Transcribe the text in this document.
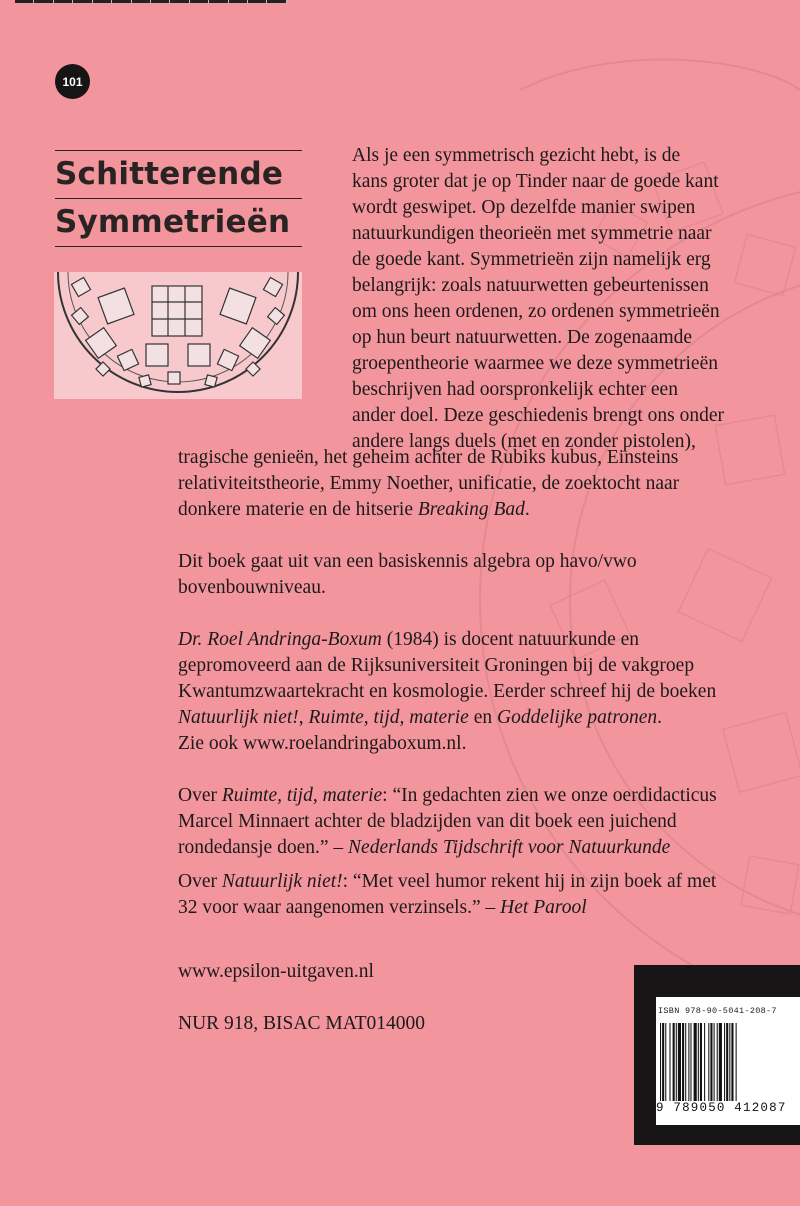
101
Schitterende
Symmetrieën
Als je een symmetrisch gezicht hebt, is de
kans groter dat je op Tinder naar de goede kant
wordt geswipet. Op dezelfde manier swipen
natuurkundigen theorieën met symmetrie naar
de goede kant. Symmetrieën zijn namelijk erg
belangrijk: zoals natuurwetten gebeurtenissen
om ons heen ordenen, zo ordenen symmetrieën
op hun beurt natuurwetten. De zogenaamde
groepentheorie waarmee we deze symmetrieën
beschrijven had oorspronkelijk echter een
ander doel. Deze geschiedenis brengt ons onder
andere langs duels (met en zonder pistolen),
tragische genieën, het geheim achter de Rubiks kubus, Einsteins
relativiteitstheorie, Emmy Noether, unificatie, de zoektocht naar
donkere materie en de hitserie Breaking Bad.
Dit boek gaat uit van een basiskennis algebra op havo/vwo
bovenbouwniveau.
Dr. Roel Andringa-Boxum (1984) is docent natuurkunde en
gepromoveerd aan de Rijksuniversiteit Groningen bij de vakgroep
Kwantumzwaartekracht en kosmologie. Eerder schreef hij de boeken
Natuurlijk niet!, Ruimte, tijd, materie en Goddelijke patronen.
Zie ook www.roelandringaboxum.nl.
Over Ruimte, tijd, materie: “In gedachten zien we onze oerdidacticus
Marcel Minnaert achter de bladzijden van dit boek een juichend
rondedansje doen.” – Nederlands Tijdschrift voor Natuurkunde
Over Natuurlijk niet!: “Met veel humor rekent hij in zijn boek af met
32 voor waar aangenomen verzinsels.” – Het Parool
www.epsilon-uitgaven.nl
NUR 918, BISAC MAT014000
ISBN 978-90-5041-208-7
9 789050 412087
